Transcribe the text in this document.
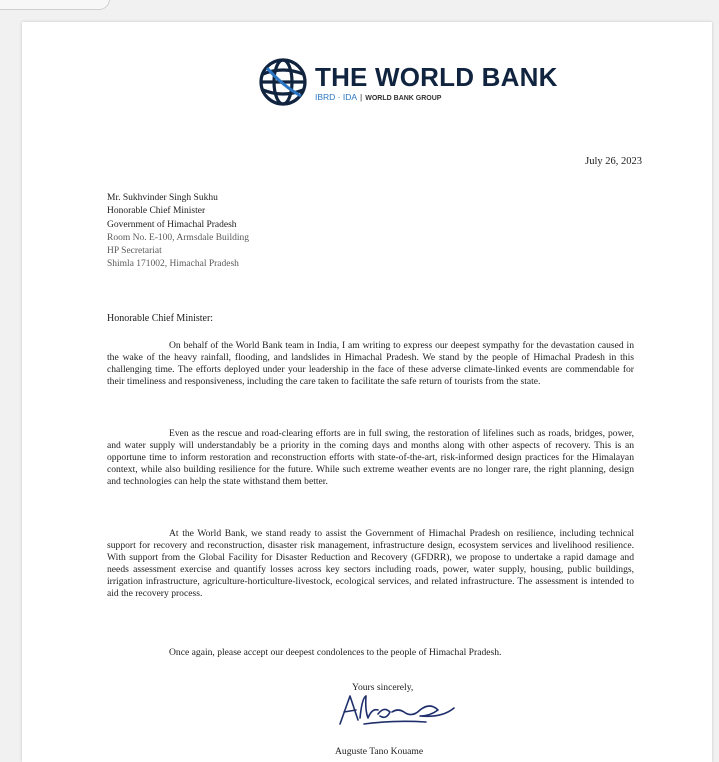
THE WORLD BANK
IBRD · IDA | WORLD BANK GROUP
July 26, 2023
Mr. Sukhvinder Singh Sukhu
Honorable Chief Minister
Government of Himachal Pradesh
Room No. E-100, Armsdale Building
HP Secretariat
Shimla 171002, Himachal Pradesh
Honorable Chief Minister:

On behalf of the World Bank team in India, I am writing to express our deepest sympathy for the devastation caused in the wake of the heavy rainfall, flooding, and landslides in Himachal Pradesh. We stand by the people of Himachal Pradesh in this challenging time. The efforts deployed under your leadership in the face of these adverse climate-linked events are commendable for their timeliness and responsiveness, including the care taken to facilitate the safe return of tourists from the state.

Even as the rescue and road-clearing efforts are in full swing, the restoration of lifelines such as roads, bridges, power, and water supply will understandably be a priority in the coming days and months along with other aspects of recovery. This is an opportune time to inform restoration and reconstruction efforts with state-of-the-art, risk-informed design practices for the Himalayan context, while also building resilience for the future. While such extreme weather events are no longer rare, the right planning, design and technologies can help the state withstand them better.

At the World Bank, we stand ready to assist the Government of Himachal Pradesh on resilience, including technical support for recovery and reconstruction, disaster risk management, infrastructure design, ecosystem services and livelihood resilience. With support from the Global Facility for Disaster Reduction and Recovery (GFDRR), we propose to undertake a rapid damage and needs assessment exercise and quantify losses across key sectors including roads, power, water supply, housing, public buildings, irrigation infrastructure, agriculture-horticulture-livestock, ecological services, and related infrastructure. The assessment is intended to aid the recovery process.

Once again, please accept our deepest condolences to the people of Himachal Pradesh.

Yours sincerely,
Auguste Tano Kouame
